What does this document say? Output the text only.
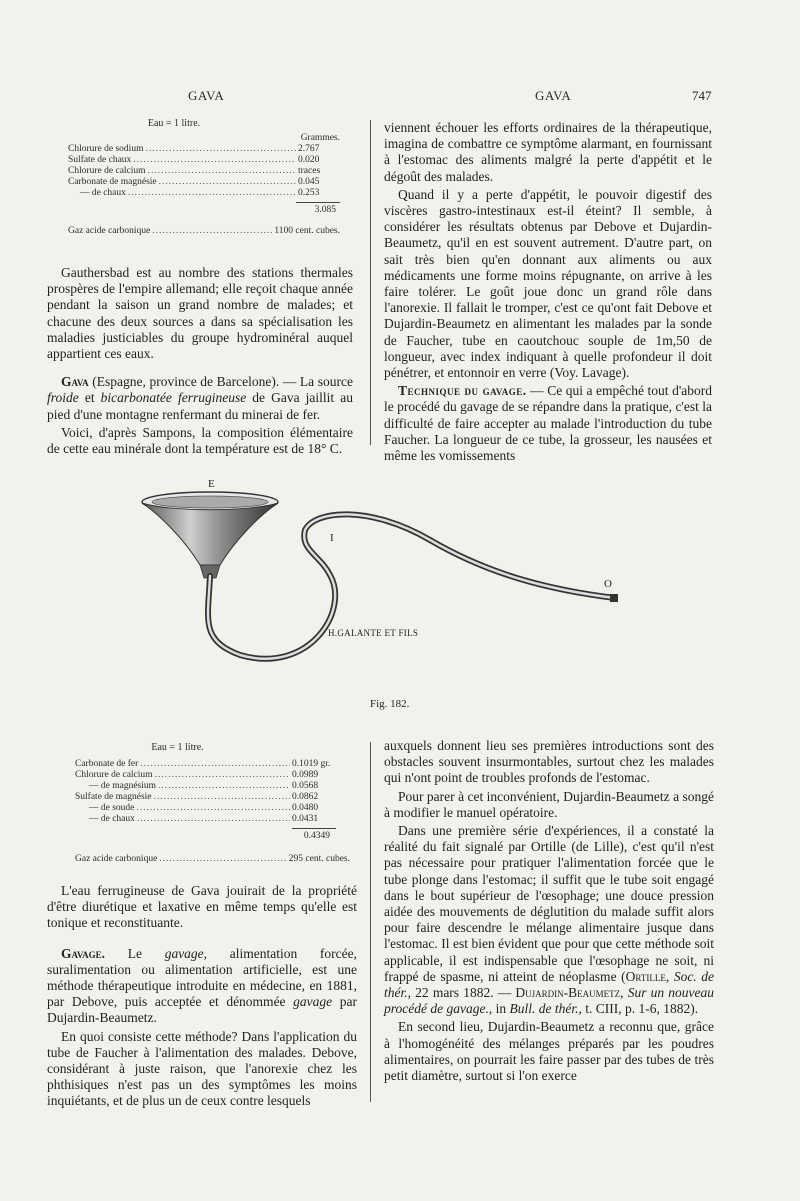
GAVA	GAVA	747
Eau = 1 litre.
Grammes.
Chlorure de sodium .....	2.767
Sulfate de chaux .....	0.020
Chlorure de calcium .....	traces
Carbonate de magnésie .....	0.045
— de chaux .....	0.253
3.085
Gaz acide carbonique .....	1100 cent. cubes.

Gauthersbad est au nombre des stations thermales prospères de l'empire allemand; elle reçoit chaque année pendant la saison un grand nombre de malades; et chacune des deux sources a dans sa spécialisation les maladies justiciables du groupe hydrominéral auquel appartient ces eaux.

Gava (Espagne, province de Barcelone). — La source froide et bicarbonatée ferrugineuse de Gava jaillit au pied d'une montagne renfermant du minerai de fer.

Voici, d'après Sampons, la composition élémentaire de cette eau minérale dont la température est de 18° C.

viennent échouer les efforts ordinaires de la thérapeutique, imagina de combattre ce symptôme alarmant, en fournissant à l'estomac des aliments malgré la perte d'appétit et le dégoût des malades.

Quand il y a perte d'appétit, le pouvoir digestif des viscères gastro-intestinaux est-il éteint? Il semble, à considérer les résultats obtenus par Debove et Dujardin-Beaumetz, qu'il en est souvent autrement. D'autre part, on sait très bien qu'en donnant aux aliments ou aux médicaments une forme moins répugnante, on arrive à les faire tolérer. Le goût joue donc un grand rôle dans l'anorexie. Il fallait le tromper, c'est ce qu'ont fait Debove et Dujardin-Beaumetz en alimentant les malades par la sonde de Faucher, tube en caoutchouc souple de 1m,50 de longueur, avec index indiquant à quelle profondeur il doit pénétrer, et entonnoir en verre (Voy. Lavage).

Technique du gavage. — Ce qui a empêché tout d'abord le procédé du gavage de se répandre dans la pratique, c'est la difficulté de faire accepter au malade l'introduction du tube Faucher. La longueur de ce tube, la grosseur, les nausées et même les vomissements

E
I
O
H.GALANTE ET FILS
Fig. 182.
Eau = 1 litre.
Carbonate de fer .....	0.1019 gr.
Chlorure de calcium .....	0.0989
— de magnésium .....	0.0568
Sulfate de magnésie .....	0.0862
— de soude .....	0.0480
— de chaux .....	0.0431
0.4349
Gaz acide carbonique .....	295 cent. cubes.

L'eau ferrugineuse de Gava jouirait de la propriété d'être diurétique et laxative en même temps qu'elle est tonique et reconstituante.

Gavage. Le gavage, alimentation forcée, suralimentation ou alimentation artificielle, est une méthode thérapeutique introduite en médecine, en 1881, par Debove, puis acceptée et dénommée gavage par Dujardin-Beaumetz.

En quoi consiste cette méthode? Dans l'application du tube de Faucher à l'alimentation des malades. Debove, considérant à juste raison, que l'anorexie chez les phthisiques n'est pas un des symptômes les moins inquiétants, et de plus un de ceux contre lesquels

auxquels donnent lieu ses premières introductions sont des obstacles souvent insurmontables, surtout chez les malades qui n'ont point de troubles profonds de l'estomac.

Pour parer à cet inconvénient, Dujardin-Beaumetz a songé à modifier le manuel opératoire.

Dans une première série d'expériences, il a constaté la réalité du fait signalé par Ortille (de Lille), c'est qu'il n'est pas nécessaire pour pratiquer l'alimentation forcée que le tube plonge dans l'estomac; il suffit que le tube soit engagé dans le bout supérieur de l'œsophage; une douce pression aidée des mouvements de déglutition du malade suffit alors pour faire descendre le mélange alimentaire jusque dans l'estomac. Il est bien évident que pour que cette méthode soit applicable, il est indispensable que l'œsophage ne soit, ni frappé de spasme, ni atteint de néoplasme (Ortille, Soc. de thér., 22 mars 1882. — Dujardin-Beaumetz, Sur un nouveau procédé de gavage., in Bull. de thér., t. CIII, p. 1-6, 1882).

En second lieu, Dujardin-Beaumetz a reconnu que, grâce à l'homogénéité des mélanges préparés par les poudres alimentaires, on pourrait les faire passer par des tubes de très petit diamètre, surtout si l'on exerce
